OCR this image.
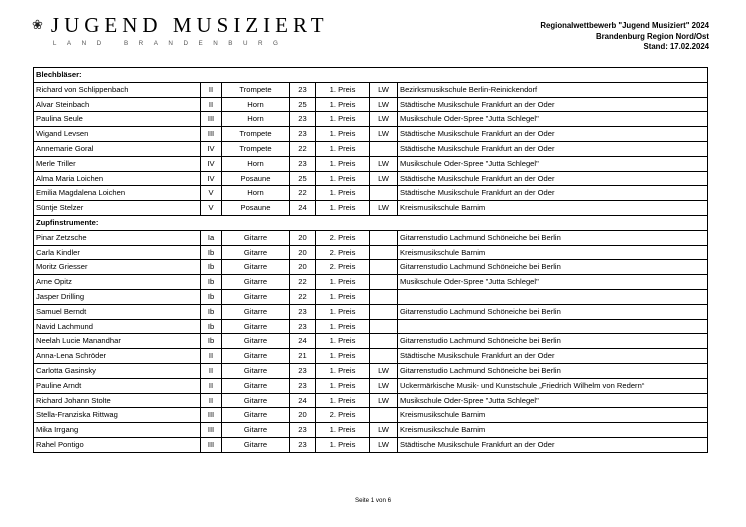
❀ JUGEND MUSIZIERT
LAND BRANDENBURG
Regionalwettbewerb "Jugend Musiziert" 2024
Brandenburg Region Nord/Ost
Stand: 17.02.2024
Blechbläser:						
Richard von Schlippenbach	II	Trompete	23	1. Preis	LW	Bezirksmusikschule Berlin-Reinickendorf
Alvar Steinbach	II	Horn	25	1. Preis	LW	Städtische Musikschule Frankfurt an der Oder
Paulina Seule	III	Horn	23	1. Preis	LW	Musikschule Oder-Spree "Jutta Schlegel"
Wigand Levsen	III	Trompete	23	1. Preis	LW	Städtische Musikschule Frankfurt an der Oder
Annemarie Goral	IV	Trompete	22	1. Preis		Städtische Musikschule Frankfurt an der Oder
Merle Triller	IV	Horn	23	1. Preis	LW	Musikschule Oder-Spree "Jutta Schlegel"
Alma Maria Loichen	IV	Posaune	25	1. Preis	LW	Städtische Musikschule Frankfurt an der Oder
Emilia Magdalena Loichen	V	Horn	22	1. Preis		Städtische Musikschule Frankfurt an der Oder
Süntje Stelzer	V	Posaune	24	1. Preis	LW	Kreismusikschule Barnim
Zupfinstrumente:						
Pinar Zetzsche	Ia	Gitarre	20	2. Preis		Gitarrenstudio Lachmund Schöneiche bei Berlin
Carla Kindler	Ib	Gitarre	20	2. Preis		Kreismusikschule Barnim
Moritz Griesser	Ib	Gitarre	20	2. Preis		Gitarrenstudio Lachmund Schöneiche bei Berlin
Arne Opitz	Ib	Gitarre	22	1. Preis		Musikschule Oder-Spree "Jutta Schlegel"
Jasper Drilling	Ib	Gitarre	22	1. Preis		
Samuel Berndt	Ib	Gitarre	23	1. Preis		Gitarrenstudio Lachmund Schöneiche bei Berlin
Navid Lachmund	Ib	Gitarre	23	1. Preis		
Neelah Lucie Manandhar	Ib	Gitarre	24	1. Preis		Gitarrenstudio Lachmund Schöneiche bei Berlin
Anna-Lena Schröder	II	Gitarre	21	1. Preis		Städtische Musikschule Frankfurt an der Oder
Carlotta Gasinsky	II	Gitarre	23	1. Preis	LW	Gitarrenstudio Lachmund Schöneiche bei Berlin
Pauline Arndt	II	Gitarre	23	1. Preis	LW	Uckermärkische Musik- und Kunstschule „Friedrich Wilhelm von Redern“
Richard Johann Stolte	II	Gitarre	24	1. Preis	LW	Musikschule Oder-Spree "Jutta Schlegel"
Stella-Franziska Rittwag	III	Gitarre	20	2. Preis		Kreismusikschule Barnim
Mika Irrgang	III	Gitarre	23	1. Preis	LW	Kreismusikschule Barnim
Rahel Pontigo	III	Gitarre	23	1. Preis	LW	Städtische Musikschule Frankfurt an der Oder
Seite 1 von 6
